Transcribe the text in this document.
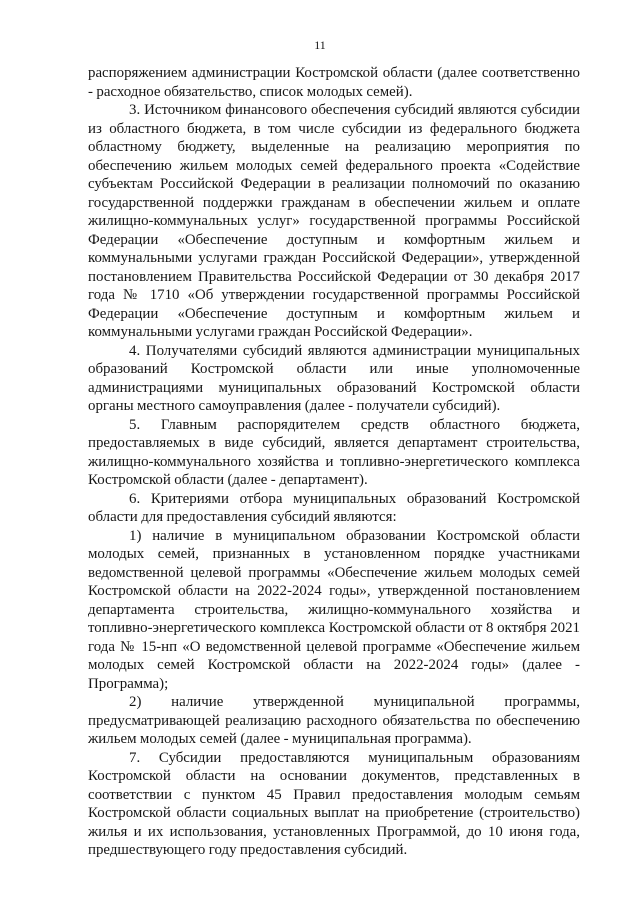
11

распоряжением администрации Костромской области (далее соответственно - расходное обязательство, список молодых семей).

3. Источником финансового обеспечения субсидий являются субсидии из областного бюджета, в том числе субсидии из федерального бюджета областному бюджету, выделенные на реализацию мероприятия по обеспечению жильем молодых семей федерального проекта «Содействие субъектам Российской Федерации в реализации полномочий по оказанию государственной поддержки гражданам в обеспечении жильем и оплате жилищно-коммунальных услуг» государственной программы Российской Федерации «Обеспечение доступным и комфортным жильем и коммунальными услугами граждан Российской Федерации», утвержденной постановлением Правительства Российской Федерации от 30 декабря 2017 года № 1710 «Об утверждении государственной программы Российской Федерации «Обеспечение доступным и комфортным жильем и коммунальными услугами граждан Российской Федерации».

4. Получателями субсидий являются администрации муниципальных образований Костромской области или иные уполномоченные администрациями муниципальных образований Костромской области органы местного самоуправления (далее - получатели субсидий).

5. Главным распорядителем средств областного бюджета, предоставляемых в виде субсидий, является департамент строительства, жилищно-коммунального хозяйства и топливно-энергетического комплекса Костромской области (далее - департамент).

6. Критериями отбора муниципальных образований Костромской области для предоставления субсидий являются:

1) наличие в муниципальном образовании Костромской области молодых семей, признанных в установленном порядке участниками ведомственной целевой программы «Обеспечение жильем молодых семей Костромской области на 2022-2024 годы», утвержденной постановлением департамента строительства, жилищно-коммунального хозяйства и топливно-энергетического комплекса Костромской области от 8 октября 2021 года № 15-нп «О ведомственной целевой программе «Обеспечение жильем молодых семей Костромской области на 2022-2024 годы» (далее - Программа);

2) наличие утвержденной муниципальной программы, предусматривающей реализацию расходного обязательства по обеспечению жильем молодых семей (далее - муниципальная программа).

7. Субсидии предоставляются муниципальным образованиям Костромской области на основании документов, представленных в соответствии с пунктом 45 Правил предоставления молодым семьям Костромской области социальных выплат на приобретение (строительство) жилья и их использования, установленных Программой, до 10 июня года, предшествующего году предоставления субсидий.
